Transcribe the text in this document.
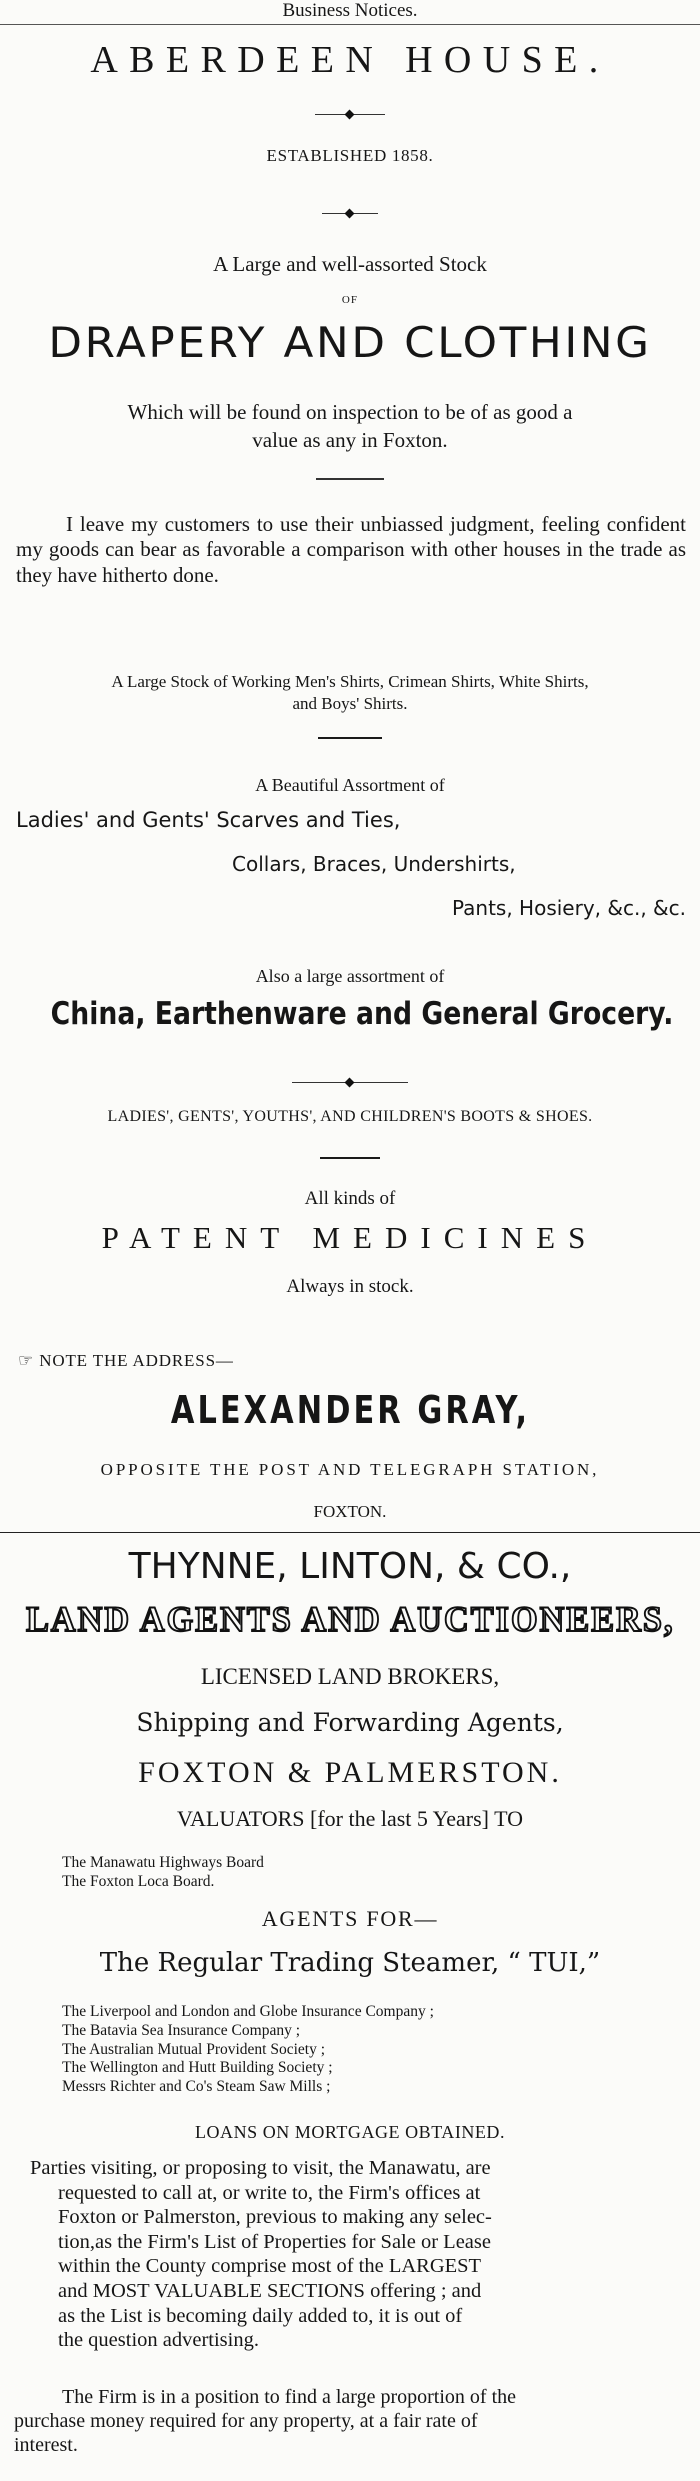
Business Notices.
ABERDEEN HOUSE.
ESTABLISHED 1858.
A Large and well-assorted Stock
OF
DRAPERY AND CLOTHING
Which will be found on inspection to be of as good a
value as any in Foxton.
I leave my customers to use their unbiassed judgment, feeling confident my goods can bear as favorable a comparison with other houses in the trade as they have hitherto done.
A Large Stock of Working Men's Shirts, Crimean Shirts, White Shirts,
and Boys' Shirts.
A Beautiful Assortment of
Ladies' and Gents' Scarves and Ties,
Collars, Braces, Undershirts,
Pants, Hosiery, &c., &c.
Also a large assortment of
China, Earthenware and General Grocery.
LADIES', GENTS', YOUTHS', AND CHILDREN'S BOOTS & SHOES.
All kinds of
PATENT MEDICINES
Always in stock.
☞ NOTE THE ADDRESS—
ALEXANDER GRAY,
OPPOSITE THE POST AND TELEGRAPH STATION,
FOXTON.
THYNNE, LINTON, & CO.,
LAND AGENTS AND AUCTIONEERS,
LICENSED LAND BROKERS,
Shipping and Forwarding Agents,
FOXTON & PALMERSTON.
VALUATORS [for the last 5 Years] TO
The Manawatu Highways Board
The Foxton Loca Board.
AGENTS FOR—
The Regular Trading Steamer, “ TUI,”
The Liverpool and London and Globe Insurance Company ;
The Batavia Sea Insurance Company ;
The Australian Mutual Provident Society ;
The Wellington and Hutt Building Society ;
Messrs Richter and Co's Steam Saw Mills ;
LOANS ON MORTGAGE OBTAINED.
Parties visiting, or proposing to visit, the Manawatu, are
requested to call at, or write to, the Firm's offices at
Foxton or Palmerston, previous to making any selec-
tion,as the Firm's List of Properties for Sale or Lease
within the County comprise most of the LARGEST
and MOST VALUABLE SECTIONS offering ; and
as the List is becoming daily added to, it is out of
the question advertising.
The Firm is in a position to find a large proportion of the
purchase money required for any property, at a fair rate of
interest.
